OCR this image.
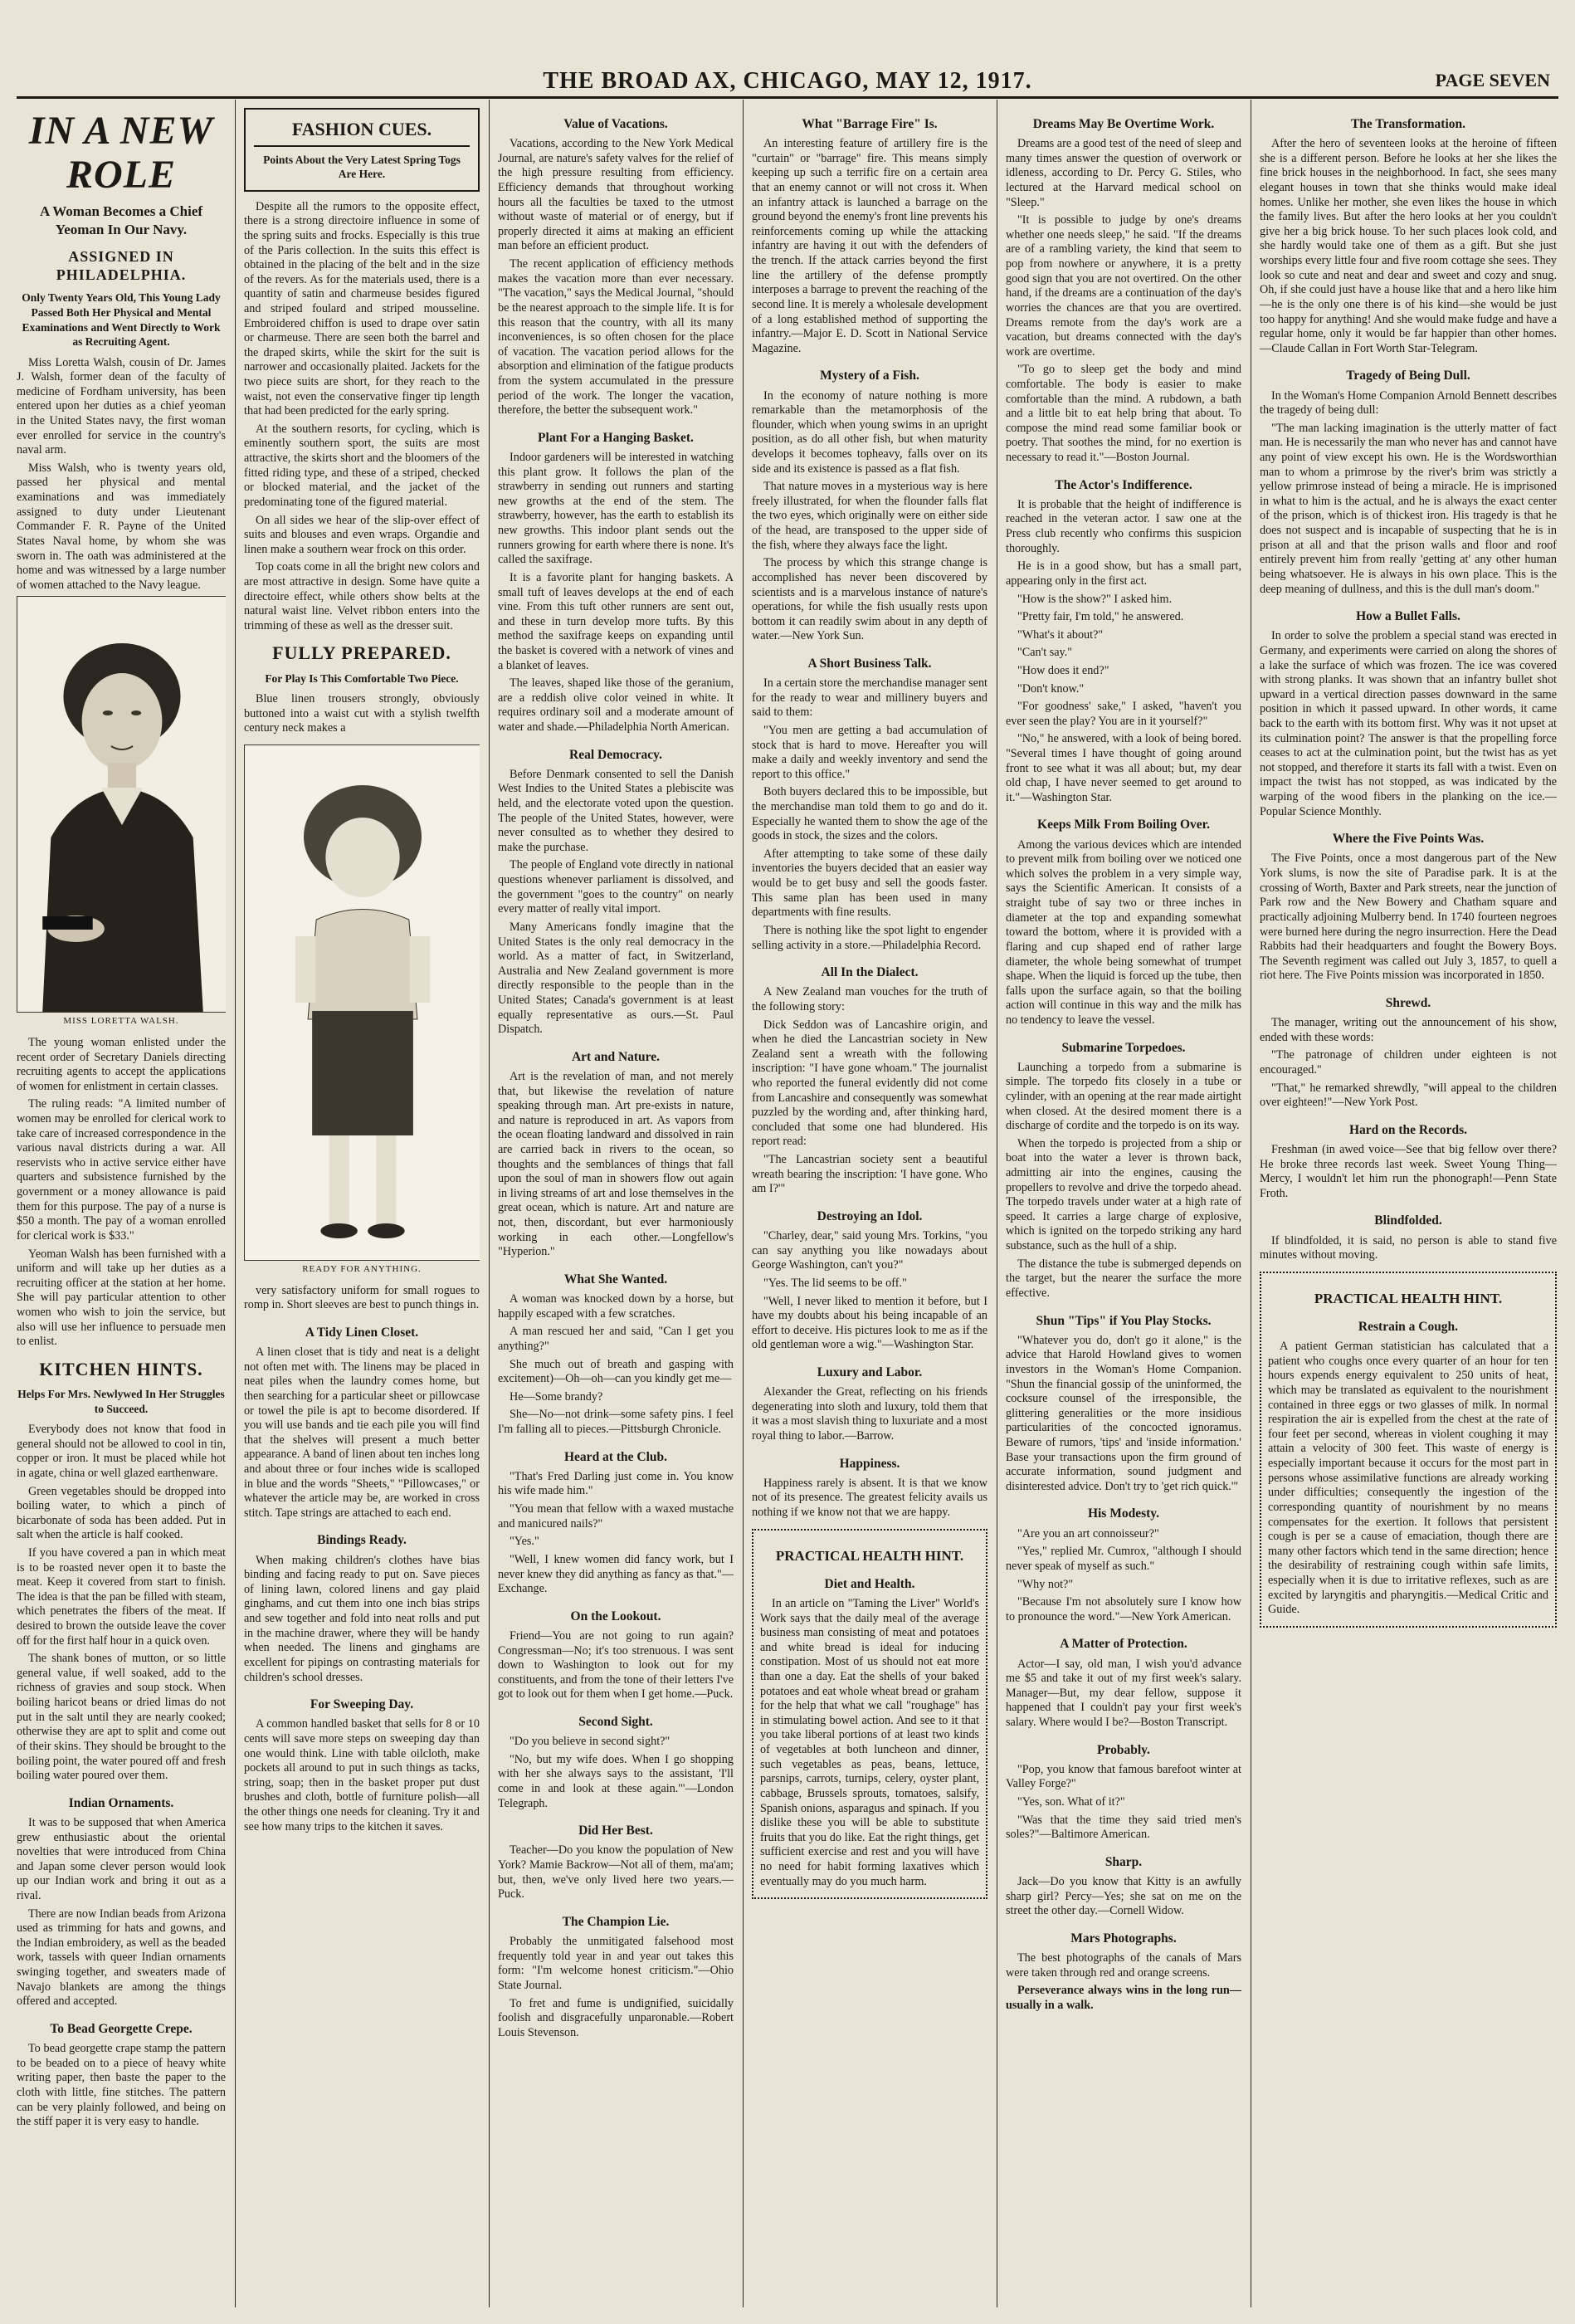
THE BROAD AX, CHICAGO, MAY 12, 1917.	PAGE SEVEN
IN A NEW ROLE
A Woman Becomes a Chief Yeoman In Our Navy.
ASSIGNED IN PHILADELPHIA.
Only Twenty Years Old, This Young Lady Passed Both Her Physical and Mental Examinations and Went Directly to Work as Recruiting Agent.

Miss Loretta Walsh, cousin of Dr. James J. Walsh, former dean of the faculty of medicine of Fordham university, has been entered upon her duties as a chief yeoman in the United States navy, the first woman ever enrolled for service in the country's naval arm.

Miss Walsh, who is twenty years old, passed her physical and mental examinations and was immediately assigned to duty under Lieutenant Commander F. R. Payne of the United States Naval home, by whom she was sworn in. The oath was administered at the home and was witnessed by a large number of women attached to the Navy league.

MISS LORETTA WALSH.

The young woman enlisted under the recent order of Secretary Daniels directing recruiting agents to accept the applications of women for enlistment in certain classes.

The ruling reads: "A limited number of women may be enrolled for clerical work to take care of increased correspondence in the various naval districts during a war. All reservists who in active service either have quarters and subsistence furnished by the government or a money allowance is paid them for this purpose. The pay of a nurse is $50 a month. The pay of a woman enrolled for clerical work is $33."

Yeoman Walsh has been furnished with a uniform and will take up her duties as a recruiting officer at the station at her home. She will pay particular attention to other women who wish to join the service, but also will use her influence to persuade men to enlist.

KITCHEN HINTS.
Helps For Mrs. Newlywed In Her Struggles to Succeed.

Everybody does not know that food in general should not be allowed to cool in tin, copper or iron. It must be placed while hot in agate, china or well glazed earthenware.

Green vegetables should be dropped into boiling water, to which a pinch of bicarbonate of soda has been added. Put in salt when the article is half cooked.

If you have covered a pan in which meat is to be roasted never open it to baste the meat. Keep it covered from start to finish. The idea is that the pan be filled with steam, which penetrates the fibers of the meat. If desired to brown the outside leave the cover off for the first half hour in a quick oven.

The shank bones of mutton, or so little general value, if well soaked, add to the richness of gravies and soup stock. When boiling haricot beans or dried limas do not put in the salt until they are nearly cooked; otherwise they are apt to split and come out of their skins. They should be brought to the boiling point, the water poured off and fresh boiling water poured over them.

Indian Ornaments.

It was to be supposed that when America grew enthusiastic about the oriental novelties that were introduced from China and Japan some clever person would look up our Indian work and bring it out as a rival.

There are now Indian beads from Arizona used as trimming for hats and gowns, and the Indian embroidery, as well as the beaded work, tassels with queer Indian ornaments swinging together, and sweaters made of Navajo blankets are among the things offered and accepted.

To Bead Georgette Crepe.

To bead georgette crape stamp the pattern to be beaded on to a piece of heavy white writing paper, then baste the paper to the cloth with little, fine stitches. The pattern can be very plainly followed, and being on the stiff paper it is very easy to handle.

FASHION CUES.
Points About the Very Latest Spring Togs Are Here.

Despite all the rumors to the opposite effect, there is a strong directoire influence in some of the spring suits and frocks. Especially is this true of the Paris collection. In the suits this effect is obtained in the placing of the belt and in the size of the revers. As for the materials used, there is a quantity of satin and charmeuse besides figured and striped foulard and striped mousseline. Embroidered chiffon is used to drape over satin or charmeuse. There are seen both the barrel and the draped skirts, while the skirt for the suit is narrower and occasionally plaited. Jackets for the two piece suits are short, for they reach to the waist, not even the conservative finger tip length that had been predicted for the early spring.

At the southern resorts, for cycling, which is eminently southern sport, the suits are most attractive, the skirts short and the bloomers of the fitted riding type, and these of a striped, checked or blocked material, and the jacket of the predominating tone of the figured material.

On all sides we hear of the slip-over effect of suits and blouses and even wraps. Organdie and linen make a southern wear frock on this order.

Top coats come in all the bright new colors and are most attractive in design. Some have quite a directoire effect, while others show belts at the natural waist line. Velvet ribbon enters into the trimming of these as well as the dresser suit.

FULLY PREPARED.
For Play Is This Comfortable Two Piece.

Blue linen trousers strongly, obviously buttoned into a waist cut with a stylish twelfth century neck makes a

READY FOR ANYTHING.

very satisfactory uniform for small rogues to romp in. Short sleeves are best to punch things in.

A Tidy Linen Closet.

A linen closet that is tidy and neat is a delight not often met with. The linens may be placed in neat piles when the laundry comes home, but then searching for a particular sheet or pillowcase or towel the pile is apt to become disordered. If you will use bands and tie each pile you will find that the shelves will present a much better appearance. A band of linen about ten inches long and about three or four inches wide is scalloped in blue and the words "Sheets," "Pillowcases," or whatever the article may be, are worked in cross stitch. Tape strings are attached to each end.

Bindings Ready.

When making children's clothes have bias binding and facing ready to put on. Save pieces of lining lawn, colored linens and gay plaid ginghams, and cut them into one inch bias strips and sew together and fold into neat rolls and put in the machine drawer, where they will be handy when needed. The linens and ginghams are excellent for pipings on contrasting materials for children's school dresses.

For Sweeping Day.

A common handled basket that sells for 8 or 10 cents will save more steps on sweeping day than one would think. Line with table oilcloth, make pockets all around to put in such things as tacks, string, soap; then in the basket proper put dust brushes and cloth, bottle of furniture polish—all the other things one needs for cleaning. Try it and see how many trips to the kitchen it saves.

Value of Vacations.

Vacations, according to the New York Medical Journal, are nature's safety valves for the relief of the high pressure resulting from efficiency. Efficiency demands that throughout working hours all the faculties be taxed to the utmost without waste of material or of energy, but if properly directed it aims at making an efficient man before an efficient product.

The recent application of efficiency methods makes the vacation more than ever necessary. "The vacation," says the Medical Journal, "should be the nearest approach to the simple life. It is for this reason that the country, with all its many inconveniences, is so often chosen for the place of vacation. The vacation period allows for the absorption and elimination of the fatigue products from the system accumulated in the pressure period of the work. The longer the vacation, therefore, the better the subsequent work."

Plant For a Hanging Basket.

Indoor gardeners will be interested in watching this plant grow. It follows the plan of the strawberry in sending out runners and starting new growths at the end of the stem. The strawberry, however, has the earth to establish its new growths. This indoor plant sends out the runners growing for earth where there is none. It's called the saxifrage.

It is a favorite plant for hanging baskets. A small tuft of leaves develops at the end of each vine. From this tuft other runners are sent out, and these in turn develop more tufts. By this method the saxifrage keeps on expanding until the basket is covered with a network of vines and a blanket of leaves.

The leaves, shaped like those of the geranium, are a reddish olive color veined in white. It requires ordinary soil and a moderate amount of water and shade.—Philadelphia North American.

Real Democracy.

Before Denmark consented to sell the Danish West Indies to the United States a plebiscite was held, and the electorate voted upon the question. The people of the United States, however, were never consulted as to whether they desired to make the purchase.

The people of England vote directly in national questions whenever parliament is dissolved, and the government "goes to the country" on nearly every matter of really vital import.

Many Americans fondly imagine that the United States is the only real democracy in the world. As a matter of fact, in Switzerland, Australia and New Zealand government is more directly responsible to the people than in the United States; Canada's government is at least equally representative as ours.—St. Paul Dispatch.

Art and Nature.

Art is the revelation of man, and not merely that, but likewise the revelation of nature speaking through man. Art pre-exists in nature, and nature is reproduced in art. As vapors from the ocean floating landward and dissolved in rain are carried back in rivers to the ocean, so thoughts and the semblances of things that fall upon the soul of man in showers flow out again in living streams of art and lose themselves in the great ocean, which is nature. Art and nature are not, then, discordant, but ever harmoniously working in each other.—Longfellow's "Hyperion."

What She Wanted.

A woman was knocked down by a horse, but happily escaped with a few scratches.

A man rescued her and said, "Can I get you anything?"

She much out of breath and gasping with excitement)—Oh—oh—can you kindly get me—

He—Some brandy?

She—No—not drink—some safety pins. I feel I'm falling all to pieces.—Pittsburgh Chronicle.

Heard at the Club.

"That's Fred Darling just come in. You know his wife made him."

"You mean that fellow with a waxed mustache and manicured nails?"

"Yes."

"Well, I knew women did fancy work, but I never knew they did anything as fancy as that."—Exchange.

On the Lookout.

Friend—You are not going to run again? Congressman—No; it's too strenuous. I was sent down to Washington to look out for my constituents, and from the tone of their letters I've got to look out for them when I get home.—Puck.

Second Sight.

"Do you believe in second sight?"

"No, but my wife does. When I go shopping with her she always says to the assistant, 'I'll come in and look at these again.'"—London Telegraph.

Did Her Best.

Teacher—Do you know the population of New York? Mamie Backrow—Not all of them, ma'am; but, then, we've only lived here two years.—Puck.

The Champion Lie.

Probably the unmitigated falsehood most frequently told year in and year out takes this form: "I'm welcome honest criticism."—Ohio State Journal.

To fret and fume is undignified, suicidally foolish and disgracefully unparonable.—Robert Louis Stevenson.

What "Barrage Fire" Is.

An interesting feature of artillery fire is the "curtain" or "barrage" fire. This means simply keeping up such a terrific fire on a certain area that an enemy cannot or will not cross it. When an infantry attack is launched a barrage on the ground beyond the enemy's front line prevents his reinforcements coming up while the attacking infantry are having it out with the defenders of the trench. If the attack carries beyond the first line the artillery of the defense promptly interposes a barrage to prevent the reaching of the second line. It is merely a wholesale development of a long established method of supporting the infantry.—Major E. D. Scott in National Service Magazine.

Mystery of a Fish.

In the economy of nature nothing is more remarkable than the metamorphosis of the flounder, which when young swims in an upright position, as do all other fish, but when maturity develops it becomes topheavy, falls over on its side and its existence is passed as a flat fish.

That nature moves in a mysterious way is here freely illustrated, for when the flounder falls flat the two eyes, which originally were on either side of the head, are transposed to the upper side of the fish, where they always face the light.

The process by which this strange change is accomplished has never been discovered by scientists and is a marvelous instance of nature's operations, for while the fish usually rests upon bottom it can readily swim about in any depth of water.—New York Sun.

A Short Business Talk.

In a certain store the merchandise manager sent for the ready to wear and millinery buyers and said to them:

"You men are getting a bad accumulation of stock that is hard to move. Hereafter you will make a daily and weekly inventory and send the report to this office."

Both buyers declared this to be impossible, but the merchandise man told them to go and do it. Especially he wanted them to show the age of the goods in stock, the sizes and the colors.

After attempting to take some of these daily inventories the buyers decided that an easier way would be to get busy and sell the goods faster. This same plan has been used in many departments with fine results.

There is nothing like the spot light to engender selling activity in a store.—Philadelphia Record.

All In the Dialect.

A New Zealand man vouches for the truth of the following story:

Dick Seddon was of Lancashire origin, and when he died the Lancastrian society in New Zealand sent a wreath with the following inscription: "I have gone whoam." The journalist who reported the funeral evidently did not come from Lancashire and consequently was somewhat puzzled by the wording and, after thinking hard, concluded that some one had blundered. His report read:

"The Lancastrian society sent a beautiful wreath bearing the inscription: 'I have gone. Who am I?'"

Destroying an Idol.

"Charley, dear," said young Mrs. Torkins, "you can say anything you like nowadays about George Washington, can't you?"

"Yes. The lid seems to be off."

"Well, I never liked to mention it before, but I have my doubts about his being incapable of an effort to deceive. His pictures look to me as if the old gentleman wore a wig."—Washington Star.

Luxury and Labor.

Alexander the Great, reflecting on his friends degenerating into sloth and luxury, told them that it was a most slavish thing to luxuriate and a most royal thing to labor.—Barrow.

Happiness.

Happiness rarely is absent. It is that we know not of its presence. The greatest felicity avails us nothing if we know not that we are happy.

PRACTICAL HEALTH HINT.
Diet and Health.

In an article on "Taming the Liver" World's Work says that the daily meal of the average business man consisting of meat and potatoes and white bread is ideal for inducing constipation. Most of us should not eat more than one a day. Eat the shells of your baked potatoes and eat whole wheat bread or graham for the help that what we call "roughage" has in stimulating bowel action. And see to it that you take liberal portions of at least two kinds of vegetables at both luncheon and dinner, such vegetables as peas, beans, lettuce, parsnips, carrots, turnips, celery, oyster plant, cabbage, Brussels sprouts, tomatoes, salsify, Spanish onions, asparagus and spinach. If you dislike these you will be able to substitute fruits that you do like. Eat the right things, get sufficient exercise and rest and you will have no need for habit forming laxatives which eventually may do you much harm.

Dreams May Be Overtime Work.

Dreams are a good test of the need of sleep and many times answer the question of overwork or idleness, according to Dr. Percy G. Stiles, who lectured at the Harvard medical school on "Sleep."

"It is possible to judge by one's dreams whether one needs sleep," he said. "If the dreams are of a rambling variety, the kind that seem to pop from nowhere or anywhere, it is a pretty good sign that you are not overtired. On the other hand, if the dreams are a continuation of the day's worries the chances are that you are overtired. Dreams remote from the day's work are a vacation, but dreams connected with the day's work are overtime.

"To go to sleep get the body and mind comfortable. The body is easier to make comfortable than the mind. A rubdown, a bath and a little bit to eat help bring that about. To compose the mind read some familiar book or poetry. That soothes the mind, for no exertion is necessary to read it."—Boston Journal.

The Actor's Indifference.

It is probable that the height of indifference is reached in the veteran actor. I saw one at the Press club recently who confirms this suspicion thoroughly.

He is in a good show, but has a small part, appearing only in the first act.

"How is the show?" I asked him.

"Pretty fair, I'm told," he answered.

"What's it about?"

"Can't say."

"How does it end?"

"Don't know."

"For goodness' sake," I asked, "haven't you ever seen the play? You are in it yourself?"

"No," he answered, with a look of being bored. "Several times I have thought of going around front to see what it was all about; but, my dear old chap, I have never seemed to get around to it."—Washington Star.

Keeps Milk From Boiling Over.

Among the various devices which are intended to prevent milk from boiling over we noticed one which solves the problem in a very simple way, says the Scientific American. It consists of a straight tube of say two or three inches in diameter at the top and expanding somewhat toward the bottom, where it is provided with a flaring and cup shaped end of rather large diameter, the whole being somewhat of trumpet shape. When the liquid is forced up the tube, then falls upon the surface again, so that the boiling action will continue in this way and the milk has no tendency to leave the vessel.

Submarine Torpedoes.

Launching a torpedo from a submarine is simple. The torpedo fits closely in a tube or cylinder, with an opening at the rear made airtight when closed. At the desired moment there is a discharge of cordite and the torpedo is on its way.

When the torpedo is projected from a ship or boat into the water a lever is thrown back, admitting air into the engines, causing the propellers to revolve and drive the torpedo ahead. The torpedo travels under water at a high rate of speed. It carries a large charge of explosive, which is ignited on the torpedo striking any hard substance, such as the hull of a ship.

The distance the tube is submerged depends on the target, but the nearer the surface the more effective.

Shun "Tips" if You Play Stocks.

"Whatever you do, don't go it alone," is the advice that Harold Howland gives to women investors in the Woman's Home Companion. "Shun the financial gossip of the uninformed, the cocksure counsel of the irresponsible, the glittering generalities or the more insidious particularities of the concocted ignoramus. Beware of rumors, 'tips' and 'inside information.' Base your transactions upon the firm ground of accurate information, sound judgment and disinterested advice. Don't try to 'get rich quick.'"

His Modesty.

"Are you an art connoisseur?"

"Yes," replied Mr. Cumrox, "although I should never speak of myself as such."

"Why not?"

"Because I'm not absolutely sure I know how to pronounce the word."—New York American.

A Matter of Protection.

Actor—I say, old man, I wish you'd advance me $5 and take it out of my first week's salary. Manager—But, my dear fellow, suppose it happened that I couldn't pay your first week's salary. Where would I be?—Boston Transcript.

Probably.

"Pop, you know that famous barefoot winter at Valley Forge?"

"Yes, son. What of it?"

"Was that the time they said tried men's soles?"—Baltimore American.

Sharp.

Jack—Do you know that Kitty is an awfully sharp girl? Percy—Yes; she sat on me on the street the other day.—Cornell Widow.

Mars Photographs.

The best photographs of the canals of Mars were taken through red and orange screens.

Perseverance always wins in the long run—usually in a walk.

The Transformation.

After the hero of seventeen looks at the heroine of fifteen she is a different person. Before he looks at her she likes the fine brick houses in the neighborhood. In fact, she sees many elegant houses in town that she thinks would make ideal homes. Unlike her mother, she even likes the house in which the family lives. But after the hero looks at her you couldn't give her a big brick house. To her such places look cold, and she hardly would take one of them as a gift. But she just worships every little four and five room cottage she sees. They look so cute and neat and dear and sweet and cozy and snug. Oh, if she could just have a house like that and a hero like him—he is the only one there is of his kind—she would be just too happy for anything! And she would make fudge and have a regular home, only it would be far happier than other homes.—Claude Callan in Fort Worth Star-Telegram.

Tragedy of Being Dull.

In the Woman's Home Companion Arnold Bennett describes the tragedy of being dull:

"The man lacking imagination is the utterly matter of fact man. He is necessarily the man who never has and cannot have any point of view except his own. He is the Wordsworthian man to whom a primrose by the river's brim was strictly a yellow primrose instead of being a miracle. He is imprisoned in what to him is the actual, and he is always the exact center of the prison, which is of thickest iron. His tragedy is that he does not suspect and is incapable of suspecting that he is in prison at all and that the prison walls and floor and roof entirely prevent him from really 'getting at' any other human being whatsoever. He is always in his own place. This is the deep meaning of dullness, and this is the dull man's doom."

How a Bullet Falls.

In order to solve the problem a special stand was erected in Germany, and experiments were carried on along the shores of a lake the surface of which was frozen. The ice was covered with strong planks. It was shown that an infantry bullet shot upward in a vertical direction passes downward in the same position in which it passed upward. In other words, it came back to the earth with its bottom first. Why was it not upset at its culmination point? The answer is that the propelling force ceases to act at the culmination point, but the twist has as yet not stopped, and therefore it starts its fall with a twist. Even on impact the twist has not stopped, as was indicated by the warping of the wood fibers in the planking on the ice.—Popular Science Monthly.

Where the Five Points Was.

The Five Points, once a most dangerous part of the New York slums, is now the site of Paradise park. It is at the crossing of Worth, Baxter and Park streets, near the junction of Park row and the New Bowery and Chatham square and practically adjoining Mulberry bend. In 1740 fourteen negroes were burned here during the negro insurrection. Here the Dead Rabbits had their headquarters and fought the Bowery Boys. The Seventh regiment was called out July 3, 1857, to quell a riot here. The Five Points mission was incorporated in 1850.

Shrewd.

The manager, writing out the announcement of his show, ended with these words:

"The patronage of children under eighteen is not encouraged."

"That," he remarked shrewdly, "will appeal to the children over eighteen!"—New York Post.

Hard on the Records.

Freshman (in awed voice—See that big fellow over there? He broke three records last week. Sweet Young Thing—Mercy, I wouldn't let him run the phonograph!—Penn State Froth.

Blindfolded.

If blindfolded, it is said, no person is able to stand five minutes without moving.

PRACTICAL HEALTH HINT.
Restrain a Cough.

A patient German statistician has calculated that a patient who coughs once every quarter of an hour for ten hours expends energy equivalent to 250 units of heat, which may be translated as equivalent to the nourishment contained in three eggs or two glasses of milk. In normal respiration the air is expelled from the chest at the rate of four feet per second, whereas in violent coughing it may attain a velocity of 300 feet. This waste of energy is especially important because it occurs for the most part in persons whose assimilative functions are already working under difficulties; consequently the ingestion of the corresponding quantity of nourishment by no means compensates for the exertion. It follows that persistent cough is per se a cause of emaciation, though there are many other factors which tend in the same direction; hence the desirability of restraining cough within safe limits, especially when it is due to irritative reflexes, such as are excited by laryngitis and pharyngitis.—Medical Critic and Guide.
